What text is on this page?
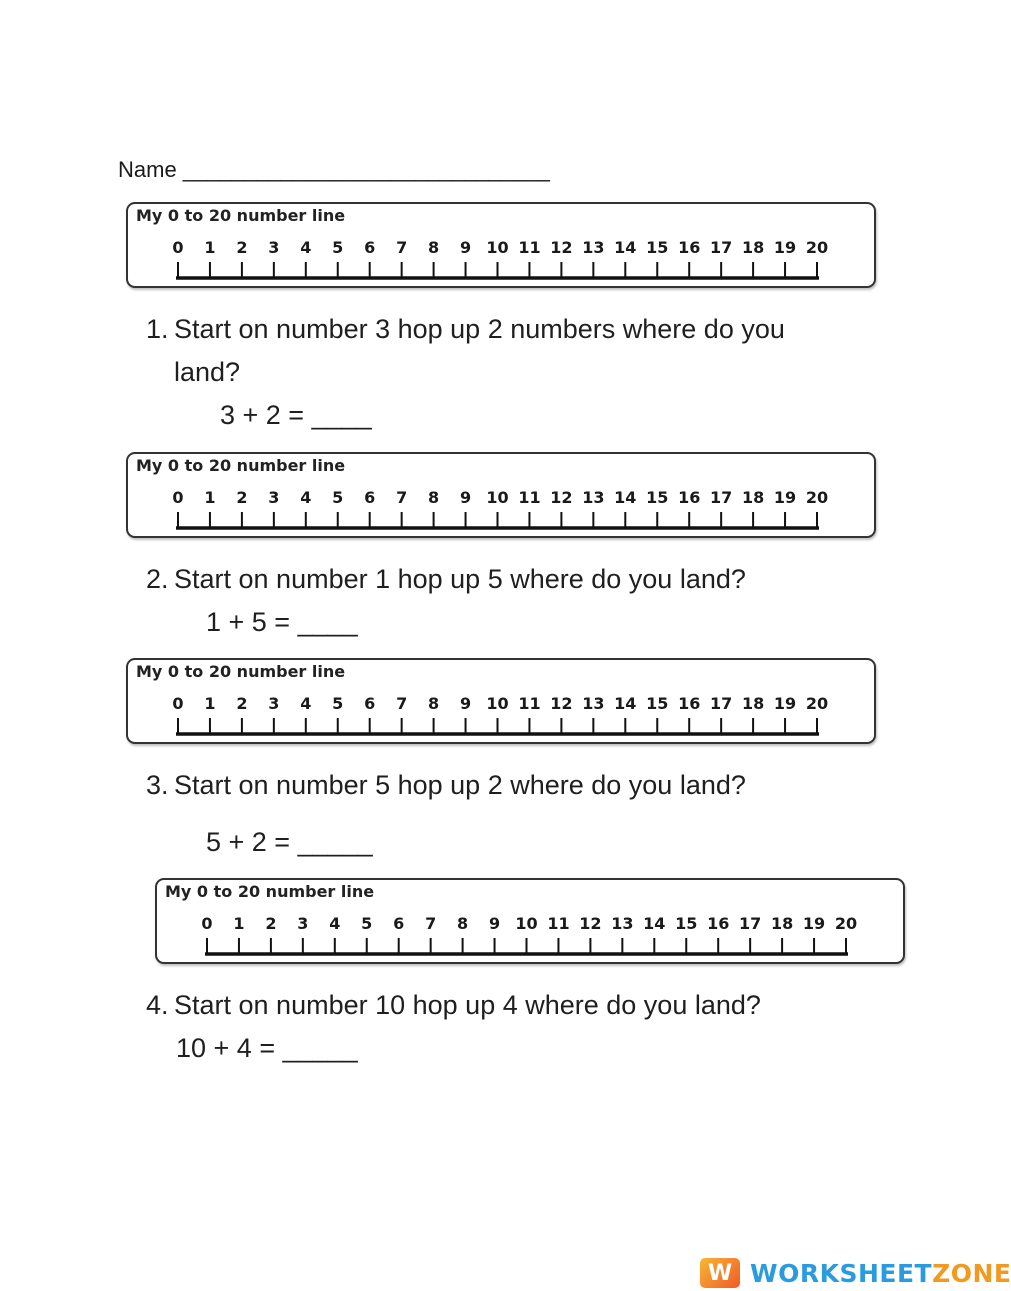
Name ______________________________
My 0 to 20 number line
0 1 2 3 4 5 6 7 8 9 10 11 12 13 14 15 16 17 18 19 20
1. Start on number 3 hop up 2 numbers where do you
land?
3 + 2 = ____
My 0 to 20 number line
0 1 2 3 4 5 6 7 8 9 10 11 12 13 14 15 16 17 18 19 20
2. Start on number 1 hop up 5 where do you land?
1 + 5 = ____
My 0 to 20 number line
0 1 2 3 4 5 6 7 8 9 10 11 12 13 14 15 16 17 18 19 20
3. Start on number 5 hop up 2 where do you land?
5 + 2 = _____
My 0 to 20 number line
0 1 2 3 4 5 6 7 8 9 10 11 12 13 14 15 16 17 18 19 20
4. Start on number 10 hop up 4 where do you land?
10 + 4 = _____
W WORKSHEETZONE
